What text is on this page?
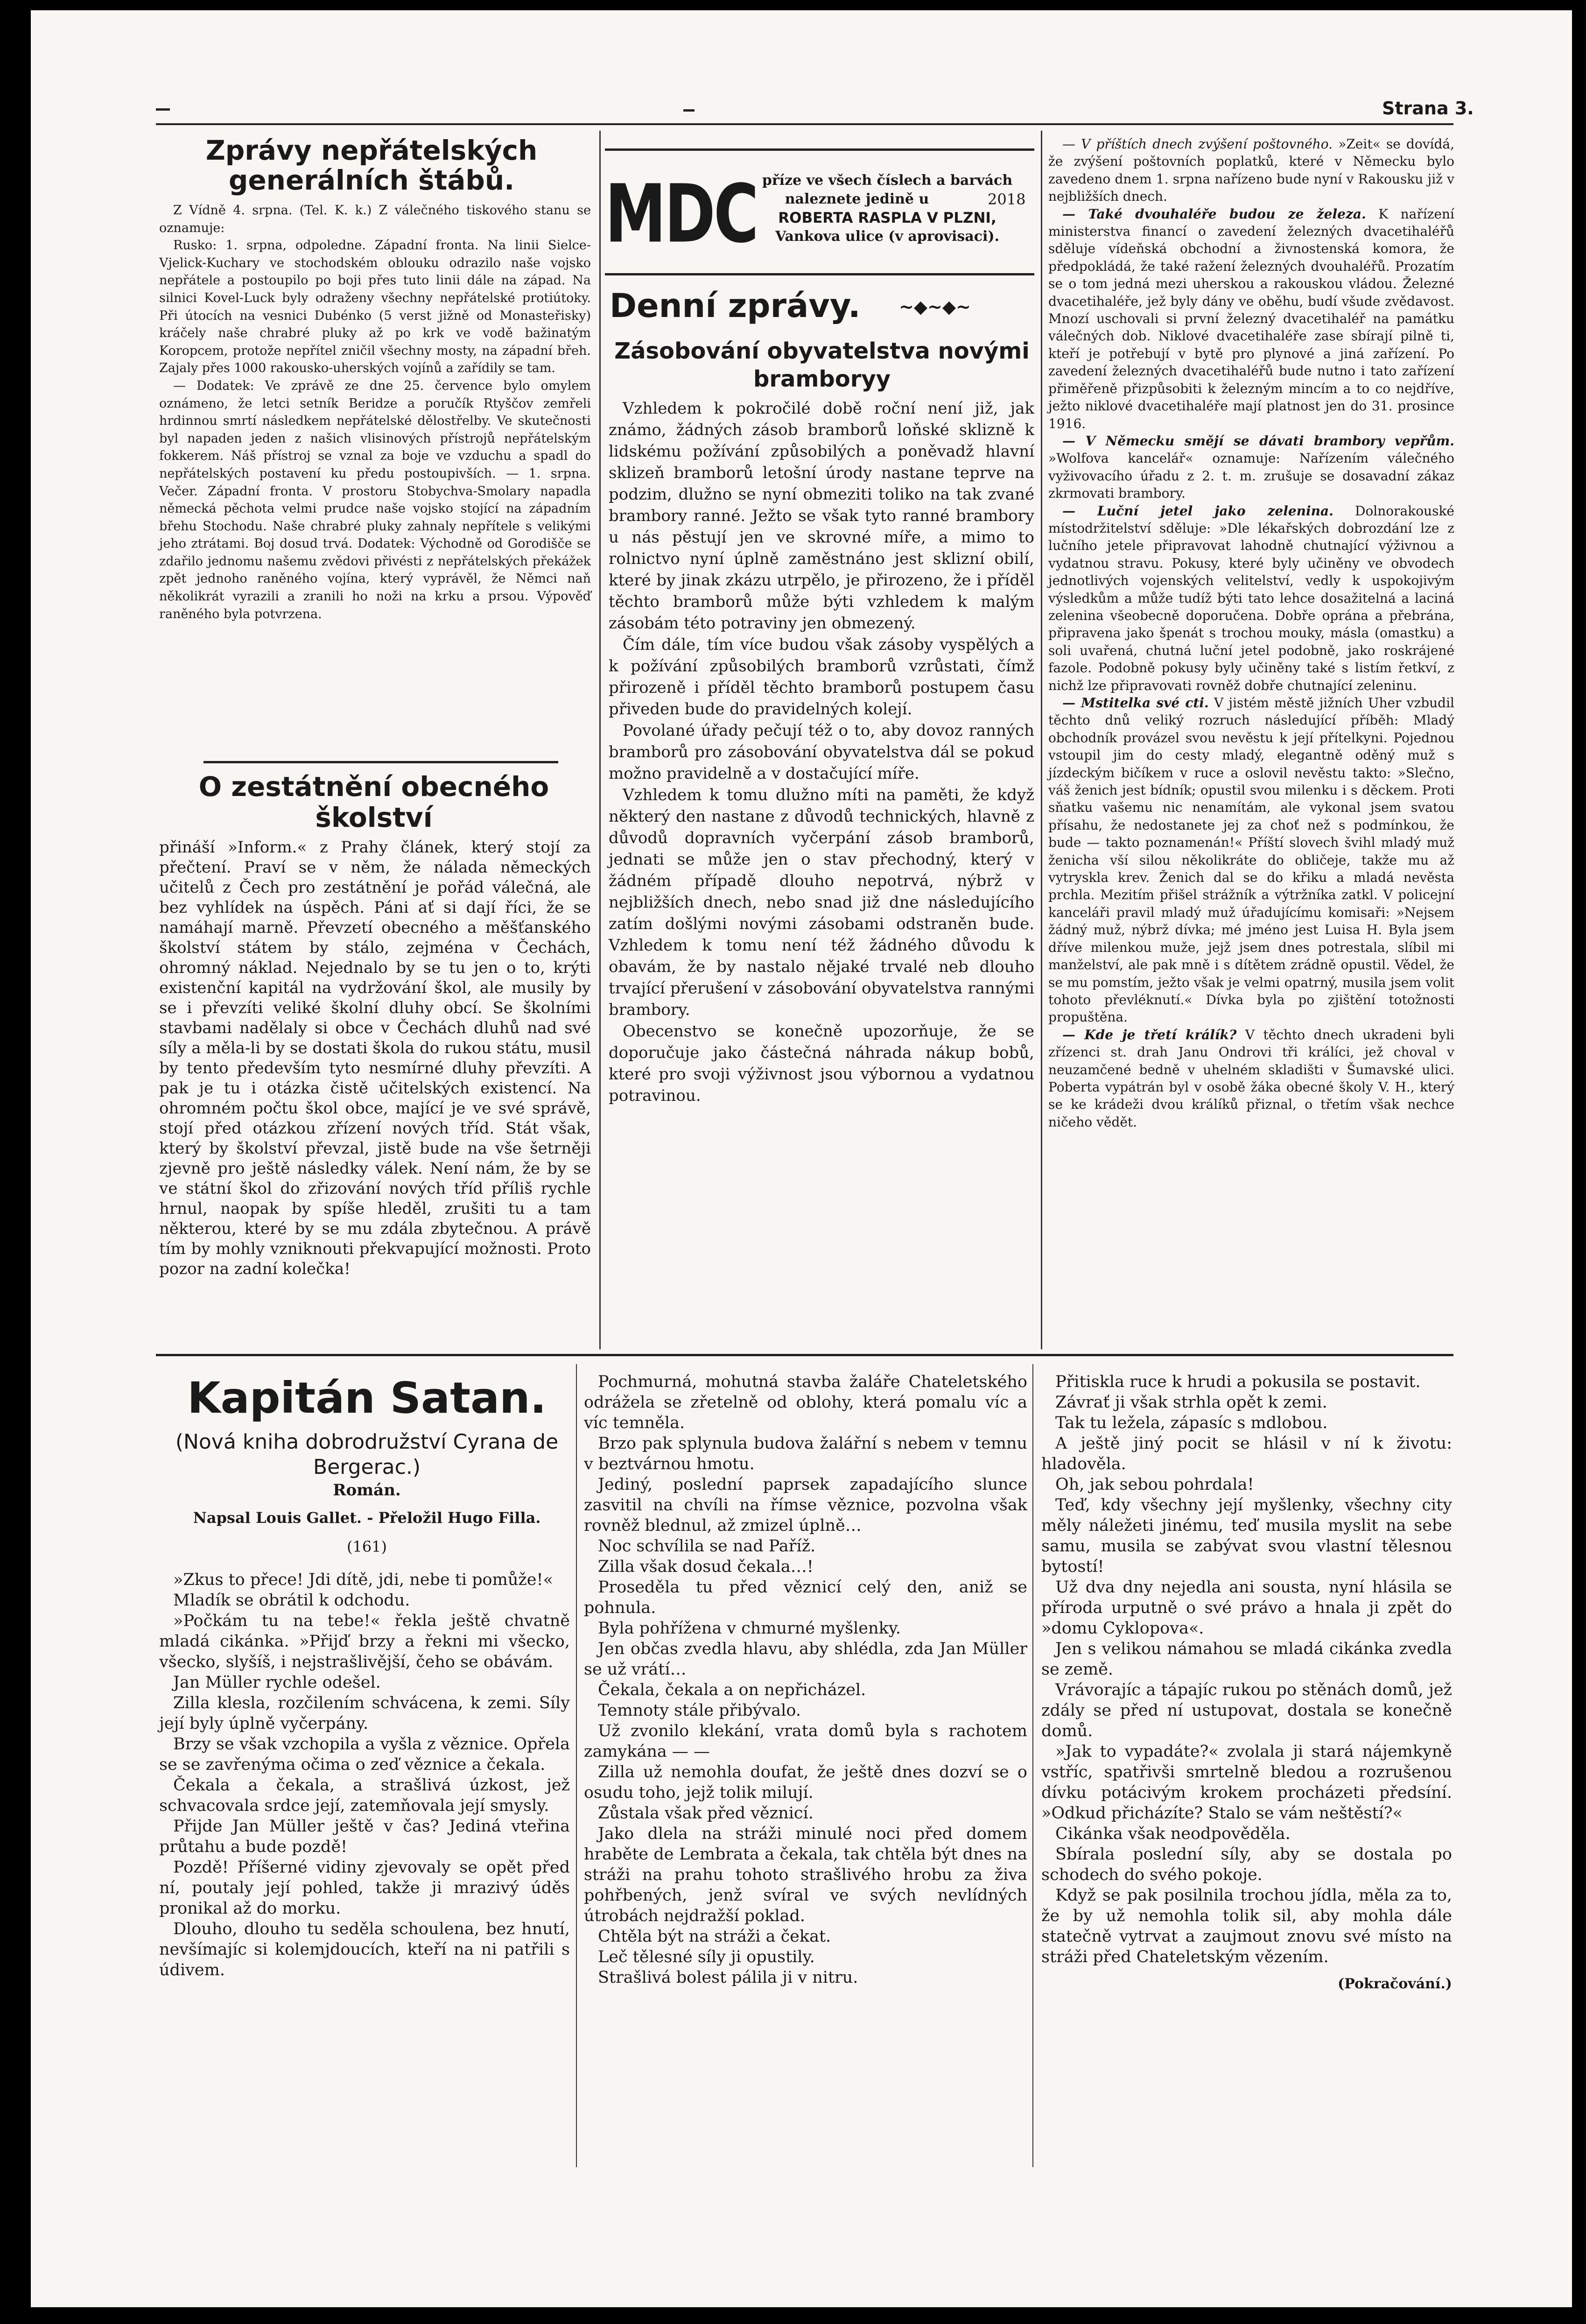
Strana 3.
Zprávy nepřátelských generálních štábů.

Z Vídně 4. srpna. (Tel. K. k.) Z válečného tiskového stanu se oznamuje:

Rusko: 1. srpna, odpoledne. Západní fronta. Na linii Sielce-Vjelick-Kuchary ve stochodském oblouku odrazilo naše vojsko nepřátele a postoupilo po boji přes tuto linii dále na západ. Na silnici Kovel-Luck byly odraženy všechny nepřátelské protiútoky. Při útocích na vesnici Dubénko (5 verst jižně od Monasteřisky) kráčely naše chrabré pluky až po krk ve vodě bažinatým Koropcem, protože nepřítel zničil všechny mosty, na západní břeh. Zajaly přes 1000 rakousko-uherských vojínů a zařídily se tam.

— Dodatek: Ve zprávě ze dne 25. července bylo omylem oznámeno, že letci setník Beridze a poručík Rtyščov zemřeli hrdinnou smrtí následkem nepřátelské dělostřelby. Ve skutečnosti byl napaden jeden z našich vlisinových přístrojů nepřátelským fokkerem. Náš přístroj se vznal za boje ve vzduchu a spadl do nepřátelských postavení ku předu postoupivších. — 1. srpna. Večer. Západní fronta. V prostoru Stobychva-Smolary napadla německá pěchota velmi prudce naše vojsko stojící na západním břehu Stochodu. Naše chrabré pluky zahnaly nepřítele s velikými jeho ztrátami. Boj dosud trvá. Dodatek: Východně od Gorodišče se zdařilo jednomu našemu zvědovi přivésti z nepřátelských překážek zpět jednoho raněného vojína, který vyprávěl, že Němci naň několikrát vyrazili a zranili ho noži na krku a prsou. Výpověď raněného byla potvrzena.

O zestátnění obecného školství

přináší »Inform.« z Prahy článek, který stojí za přečtení. Praví se v něm, že nálada německých učitelů z Čech pro zestátnění je pořád válečná, ale bez vyhlídek na úspěch. Páni ať si dají říci, že se namáhají marně. Převzetí obecného a měšťanského školství státem by stálo, zejména v Čechách, ohromný náklad. Nejednalo by se tu jen o to, krýti existenční kapitál na vydržování škol, ale musily by se i převzíti veliké školní dluhy obcí. Se školními stavbami nadělaly si obce v Čechách dluhů nad své síly a měla-li by se dostati škola do rukou státu, musil by tento především tyto nesmírné dluhy převzíti. A pak je tu i otázka čistě učitelských existencí. Na ohromném počtu škol obce, mající je ve své správě, stojí před otázkou zřízení nových tříd. Stát však, který by školství převzal, jistě bude na vše šetrněji zjevně pro ještě následky válek. Není nám, že by se ve státní škol do zřizování nových tříd příliš rychle hrnul, naopak by spíše hleděl, zrušiti tu a tam některou, které by se mu zdála zbytečnou. A právě tím by mohly vzniknouti překvapující možnosti. Proto pozor na zadní kolečka!

MDC příze ve všech číslech a barvách
naleznete jedině u	2018
ROBERTA RASPLA V PLZNI,
Vankova ulice (v aprovisaci).
Denní zprávy. ~◆~◆~
Zásobování obyvatelstva novými bramboryy

Vzhledem k pokročilé době roční není již, jak známo, žádných zásob bramborů loňské sklizně k lidskému požívání způsobilých a poněvadž hlavní sklizeň bramborů letošní úrody nastane teprve na podzim, dlužno se nyní obmeziti toliko na tak zvané brambory ranné. Ježto se však tyto ranné brambory u nás pěstují jen ve skrovné míře, a mimo to rolnictvo nyní úplně zaměstnáno jest sklizní obilí, které by jinak zkázu utrpělo, je přirozeno, že i příděl těchto bramborů může býti vzhledem k malým zásobám této potraviny jen obmezený.

Čím dále, tím více budou však zásoby vyspělých a k požívání způsobilých bramborů vzrůstati, čímž přirozeně i příděl těchto bramborů postupem času přiveden bude do pravidelných kolejí.

Povolané úřady pečují též o to, aby dovoz ranných bramborů pro zásobování obyvatelstva dál se pokud možno pravidelně a v dostačující míře.

Vzhledem k tomu dlužno míti na paměti, že když některý den nastane z důvodů technických, hlavně z důvodů dopravních vyčerpání zásob bramborů, jednati se může jen o stav přechodný, který v žádném případě dlouho nepotrvá, nýbrž v nejbližších dnech, nebo snad již dne následujícího zatím došlými novými zásobami odstraněn bude. Vzhledem k tomu není též žádného důvodu k obavám, že by nastalo nějaké trvalé neb dlouho trvající přerušení v zásobování obyvatelstva rannými brambory.

Obecenstvo se konečně upozorňuje, že se doporučuje jako částečná náhrada nákup bobů, které pro svoji výživnost jsou výbornou a vydatnou potravinou.

— V příštích dnech zvýšení poštovného. »Zeit« se dovídá, že zvýšení poštovních poplatků, které v Německu bylo zavedeno dnem 1. srpna nařízeno bude nyní v Rakousku již v nejbližších dnech.

— Také dvouhaléře budou ze železa. K nařízení ministerstva financí o zavedení železných dvacetihaléřů sděluje vídeňská obchodní a živnostenská komora, že předpokládá, že také ražení železných dvouhaléřů. Prozatím se o tom jedná mezi uherskou a rakouskou vládou. Železné dvacetihaléře, jež byly dány ve oběhu, budí všude zvědavost. Mnozí uschovali si první železný dvacetihaléř na památku válečných dob. Niklové dvacetihaléře zase sbírají pilně ti, kteří je potřebují v bytě pro plynové a jiná zařízení. Po zavedení železných dvacetihaléřů bude nutno i tato zařízení přiměřeně přizpůsobiti k železným mincím a to co nejdříve, ježto niklové dvacetihaléře mají platnost jen do 31. prosince 1916.

— V Německu smějí se dávati brambory vepřům. »Wolfova kancelář« oznamuje: Nařízením válečného vyživovacího úřadu z 2. t. m. zrušuje se dosavadní zákaz zkrmovati brambory.

— Luční jetel jako zelenina. Dolnorakouské místodržitelství sděluje: »Dle lékařských dobrozdání lze z lučního jetele připravovat lahodně chutnající výživnou a vydatnou stravu. Pokusy, které byly učiněny ve obvodech jednotlivých vojenských velitelství, vedly k uspokojivým výsledkům a může tudíž býti tato lehce dosažitelná a laciná zelenina všeobecně doporučena. Dobře oprána a přebrána, připravena jako špenát s trochou mouky, másla (omastku) a soli uvařená, chutná luční jetel podobně, jako roskrájené fazole. Podobně pokusy byly učiněny také s listím řetkví, z nichž lze připravovati rovněž dobře chutnající zeleninu.

— Mstitelka své cti. V jistém městě jižních Uher vzbudil těchto dnů veliký rozruch následující příběh: Mladý obchodník provázel svou nevěstu k její přítelkyni. Pojednou vstoupil jim do cesty mladý, elegantně oděný muž s jízdeckým bičíkem v ruce a oslovil nevěstu takto: »Slečno, váš ženich jest bídník; opustil svou milenku i s děckem. Proti sňatku vašemu nic nenamítám, ale vykonal jsem svatou přísahu, že nedostanete jej za choť než s podmínkou, že bude — takto poznamenán!« Příští slovech švihl mladý muž ženicha vší silou několikráte do obličeje, takže mu až vytryskla krev. Ženich dal se do křiku a mladá nevěsta prchla. Mezitím přišel strážník a výtržníka zatkl. V policejní kanceláři pravil mladý muž úřadujícímu komisaři: »Nejsem žádný muž, nýbrž dívka; mé jméno jest Luisa H. Byla jsem dříve milenkou muže, jejž jsem dnes potrestala, slíbil mi manželství, ale pak mně i s dítětem zrádně opustil. Vědel, že se mu pomstím, ježto však je velmi opatrný, musila jsem volit tohoto převléknutí.« Dívka byla po zjištění totožnosti propuštěna.

— Kde je třetí králík? V těchto dnech ukradeni byli zřízenci st. drah Janu Ondrovi tři králíci, jež choval v neuzamčené bedně v uhelném skladišti v Šumavské ulici. Poberta vypátrán byl v osobě žáka obecné školy V. H., který se ke krádeži dvou králíků přiznal, o třetím však nechce ničeho vědět.

Kapitán Satan.
(Nová kniha dobrodružství Cyrana de Bergerac.)
Román.
Napsal Louis Gallet. - Přeložil Hugo Filla.
(161)

»Zkus to přece! Jdi dítě, jdi, nebe ti pomůže!«

Mladík se obrátil k odchodu.

»Počkám tu na tebe!« řekla ještě chvatně mladá cikánka. »Přijď brzy a řekni mi všecko, všecko, slyšíš, i nejstrašlivější, čeho se obávám.

Jan Müller rychle odešel.

Zilla klesla, rozčilením schvácena, k zemi. Síly její byly úplně vyčerpány.

Brzy se však vzchopila a vyšla z věznice. Opřela se se zavřenýma očima o zeď věznice a čekala.

Čekala a čekala, a strašlivá úzkost, jež schvacovala srdce její, zatemňovala její smysly.

Přijde Jan Müller ještě v čas? Jediná vteřina průtahu a bude pozdě!

Pozdě! Příšerné vidiny zjevovaly se opět před ní, poutaly její pohled, takže ji mrazivý úděs pronikal až do morku.

Dlouho, dlouho tu seděla schoulena, bez hnutí, nevšímajíc si kolemjdoucích, kteří na ni patřili s údivem.

Pochmurná, mohutná stavba žaláře Chateletského odrážela se zřetelně od oblohy, která pomalu víc a víc temněla.

Brzo pak splynula budova žalářní s nebem v temnu v beztvárnou hmotu.

Jediný, poslední paprsek zapadajícího slunce zasvitil na chvíli na římse věznice, pozvolna však rovněž blednul, až zmizel úplně…

Noc schvílila se nad Paříž.

Zilla však dosud čekala…!

Proseděla tu před věznicí celý den, aniž se pohnula.

Byla pohřížena v chmurné myšlenky.

Jen občas zvedla hlavu, aby shlédla, zda Jan Müller se už vrátí…

Čekala, čekala a on nepřicházel.

Temnoty stále přibývalo.

Už zvonilo klekání, vrata domů byla s rachotem zamykána — —

Zilla už nemohla doufat, že ještě dnes dozví se o osudu toho, jejž tolik milují.

Zůstala však před věznicí.

Jako dlela na stráži minulé noci před domem hraběte de Lembrata a čekala, tak chtěla být dnes na stráži na prahu tohoto strašlivého hrobu za živa pohřbených, jenž svíral ve svých nevlídných útrobách nejdražší poklad.

Chtěla být na stráži a čekat.

Leč tělesné síly ji opustily.

Strašlivá bolest pálila ji v nitru.

Přitiskla ruce k hrudi a pokusila se postavit.

Závrať ji však strhla opět k zemi.

Tak tu ležela, zápasíc s mdlobou.

A ještě jiný pocit se hlásil v ní k životu: hladověla.

Oh, jak sebou pohrdala!

Teď, kdy všechny její myšlenky, všechny city měly náležeti jinému, teď musila myslit na sebe samu, musila se zabývat svou vlastní tělesnou bytostí!

Už dva dny nejedla ani sousta, nyní hlásila se příroda urputně o své právo a hnala ji zpět do »domu Cyklopova«.

Jen s velikou námahou se mladá cikánka zvedla se země.

Vrávorajíc a tápajíc rukou po stěnách domů, jež zdály se před ní ustupovat, dostala se konečně domů.

»Jak to vypadáte?« zvolala ji stará nájemkyně vstříc, spatřivši smrtelně bledou a rozrušenou dívku potácivým krokem procházeti předsíní. »Odkud přicházíte? Stalo se vám neštěstí?«

Cikánka však neodpověděla.

Sbírala poslední síly, aby se dostala po schodech do svého pokoje.

Když se pak posilnila trochou jídla, měla za to, že by už nemohla tolik sil, aby mohla dále statečně vytrvat a zaujmout znovu své místo na stráži před Chateletským vězením.

(Pokračování.)
